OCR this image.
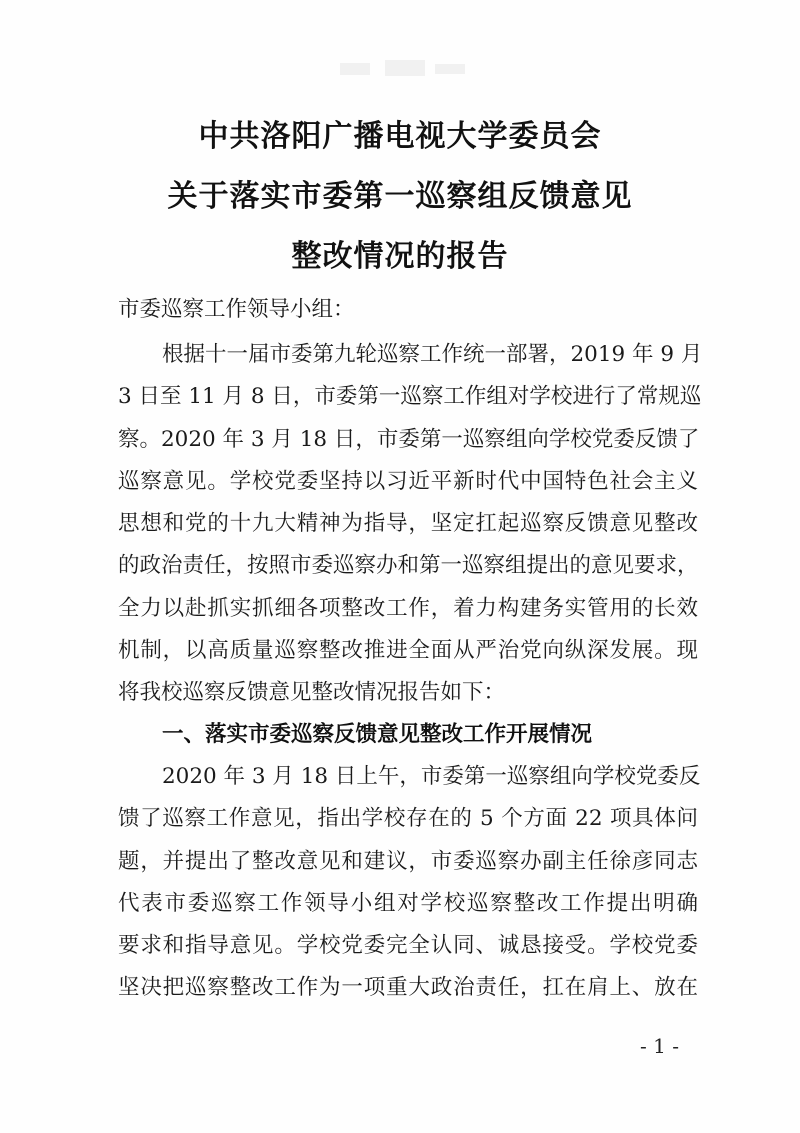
中共洛阳广播电视大学委员会
关于落实市委第一巡察组反馈意见
整改情况的报告
市委巡察工作领导小组：
根据十一届市委第九轮巡察工作统一部署，2019 年 9 月
3 日至 11 月 8 日，市委第一巡察工作组对学校进行了常规巡
察。2020 年 3 月 18 日，市委第一巡察组向学校党委反馈了
巡察意见。学校党委坚持以习近平新时代中国特色社会主义
思想和党的十九大精神为指导，坚定扛起巡察反馈意见整改
的政治责任，按照市委巡察办和第一巡察组提出的意见要求，
全力以赴抓实抓细各项整改工作，着力构建务实管用的长效
机制，以高质量巡察整改推进全面从严治党向纵深发展。现
将我校巡察反馈意见整改情况报告如下：
一、落实市委巡察反馈意见整改工作开展情况
2020 年 3 月 18 日上午，市委第一巡察组向学校党委反
馈了巡察工作意见，指出学校存在的 5 个方面 22 项具体问
题，并提出了整改意见和建议，市委巡察办副主任徐彦同志
代表市委巡察工作领导小组对学校巡察整改工作提出明确
要求和指导意见。学校党委完全认同、诚恳接受。学校党委
坚决把巡察整改工作为一项重大政治责任，扛在肩上、放在
- 1 -
